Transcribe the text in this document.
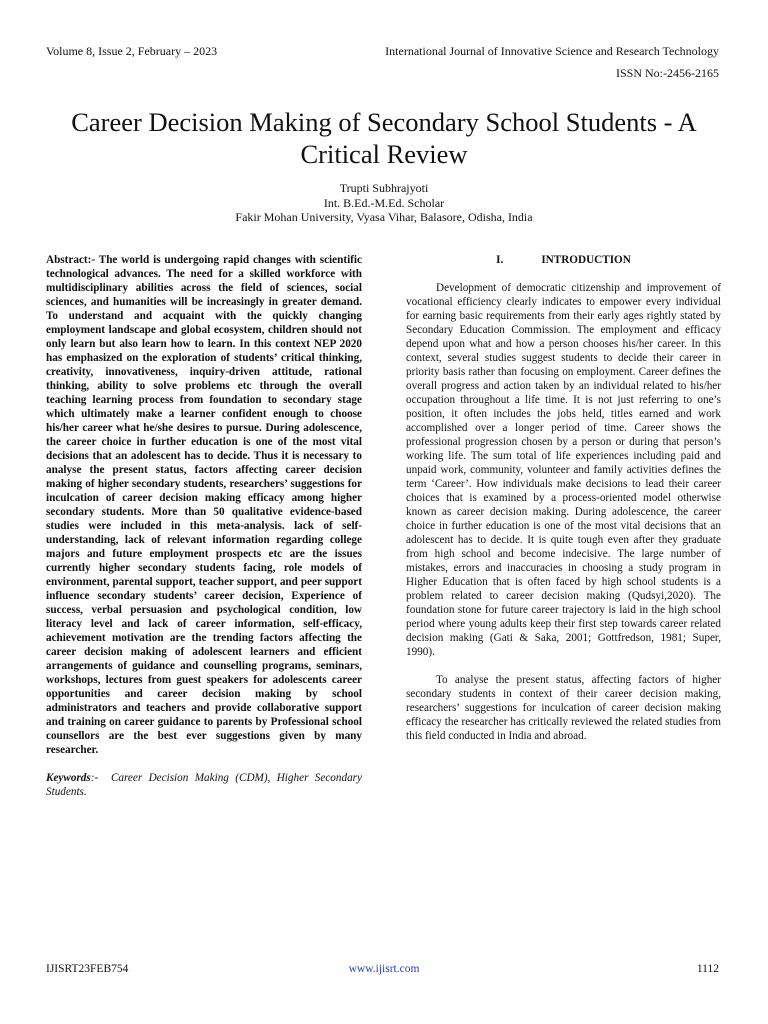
Volume 8, Issue 2, February – 2023	International Journal of Innovative Science and Research Technology
ISSN No:-2456-2165
Career Decision Making of Secondary School Students - A Critical Review
Trupti Subhrajyoti
Int. B.Ed.-M.Ed. Scholar
Fakir Mohan University, Vyasa Vihar, Balasore, Odisha, India

Abstract:- The world is undergoing rapid changes with scientific technological advances. The need for a skilled workforce with multidisciplinary abilities across the field of sciences, social sciences, and humanities will be increasingly in greater demand. To understand and acquaint with the quickly changing employment landscape and global ecosystem, children should not only learn but also learn how to learn. In this context NEP 2020 has emphasized on the exploration of students’ critical thinking, creativity, innovativeness, inquiry-driven attitude, rational thinking, ability to solve problems etc through the overall teaching learning process from foundation to secondary stage which ultimately make a learner confident enough to choose his/her career what he/she desires to pursue. During adolescence, the career choice in further education is one of the most vital decisions that an adolescent has to decide. Thus it is necessary to analyse the present status, factors affecting career decision making of higher secondary students, researchers’ suggestions for inculcation of career decision making efficacy among higher secondary students. More than 50 qualitative evidence-based studies were included in this meta-analysis. lack of self-understanding, lack of relevant information regarding college majors and future employment prospects etc are the issues currently higher secondary students facing, role models of environment, parental support, teacher support, and peer support influence secondary students’ career decision, Experience of success, verbal persuasion and psychological condition, low literacy level and lack of career information, self-efficacy, achievement motivation are the trending factors affecting the career decision making of adolescent learners and efficient arrangements of guidance and counselling programs, seminars, workshops, lectures from guest speakers for adolescents career opportunities and career decision making by school administrators and teachers and provide collaborative support and training on career guidance to parents by Professional school counsellors are the best ever suggestions given by many researcher.

Keywords:- Career Decision Making (CDM), Higher Secondary Students.

I.	INTRODUCTION

Development of democratic citizenship and improvement of vocational efficiency clearly indicates to empower every individual for earning basic requirements from their early ages rightly stated by Secondary Education Commission. The employment and efficacy depend upon what and how a person chooses his/her career. In this context, several studies suggest students to decide their career in priority basis rather than focusing on employment. Career defines the overall progress and action taken by an individual related to his/her occupation throughout a life time. It is not just referring to one’s position, it often includes the jobs held, titles earned and work accomplished over a longer period of time. Career shows the professional progression chosen by a person or during that person’s working life. The sum total of life experiences including paid and unpaid work, community, volunteer and family activities defines the term ‘Career’. How individuals make decisions to lead their career choices that is examined by a process-oriented model otherwise known as career decision making. During adolescence, the career choice in further education is one of the most vital decisions that an adolescent has to decide. It is quite tough even after they graduate from high school and become indecisive. The large number of mistakes, errors and inaccuracies in choosing a study program in Higher Education that is often faced by high school students is a problem related to career decision making (Qudsyi,2020). The foundation stone for future career trajectory is laid in the high school period where young adults keep their first step towards career related decision making (Gati & Saka, 2001; Gottfredson, 1981; Super, 1990).

To analyse the present status, affecting factors of higher secondary students in context of their career decision making, researchers’ suggestions for inculcation of career decision making efficacy the researcher has critically reviewed the related studies from this field conducted in India and abroad.

IJISRT23FEB754	www.ijisrt.com	1112
